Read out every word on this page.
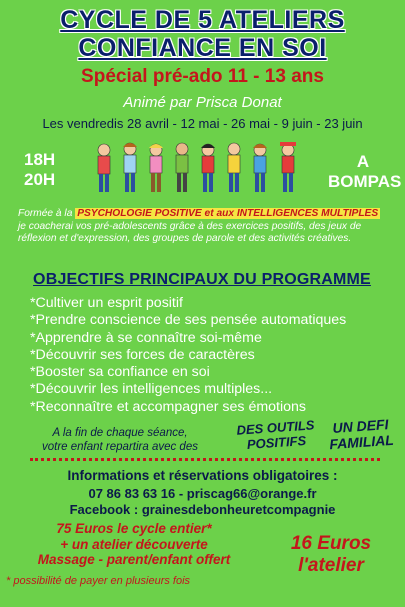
CYCLE DE 5 ATELIERS
CONFIANCE EN SOI
Spécial pré-ado 11 - 13 ans
Animé par Prisca Donat
Les vendredis 28 avril - 12 mai - 26 mai - 9 juin - 23 juin
18H
20H
A
BOMPAS
Formée à la PSYCHOLOGIE POSITIVE et aux INTELLIGENCES MULTIPLES je coacherai vos pré-adolescents grâce à des exercices positifs, des jeux de réflexion et d'expression, des groupes de parole et des activités créatives.
OBJECTIFS PRINCIPAUX DU PROGRAMME
*Cultiver un esprit positif
*Prendre conscience de ses pensée automatiques
*Apprendre à se connaître soi-même
*Découvrir ses forces de caractères
*Booster sa confiance en soi
*Découvrir les intelligences multiples...
*Reconnaître et accompagner ses émotions
A la fin de chaque séance,
votre enfant repartira avec des
DES OUTILS
POSITIFS
UN DEFI
FAMILIAL
Informations et réservations obligatoires :
07 86 83 63 16 - priscag66@orange.fr
Facebook : grainesdebonheuretcompagnie
75 Euros le cycle entier*
+ un atelier découverte
Massage - parent/enfant offert
16 Euros
l'atelier
* possibilité de payer en plusieurs fois
